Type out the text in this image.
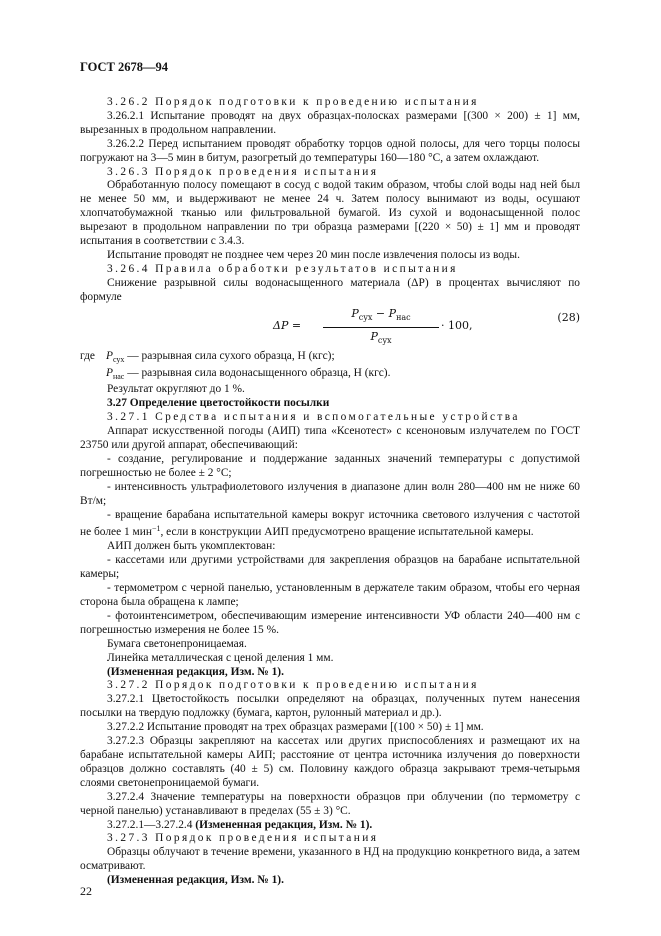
ГОСТ 2678—94

3.26.2 Порядок подготовки к проведению испытания

3.26.2.1 Испытание проводят на двух образцах-полосках размерами [(300 × 200) ± 1] мм, вырезанных в продольном направлении.

3.26.2.2 Перед испытанием проводят обработку торцов одной полосы, для чего торцы полосы погружают на 3—5 мин в битум, разогретый до температуры 160—180 °С, а затем охлаждают.

3.26.3 Порядок проведения испытания

Обработанную полосу помещают в сосуд с водой таким образом, чтобы слой воды над ней был не менее 50 мм, и выдерживают не менее 24 ч. Затем полосу вынимают из воды, осушают хлопчатобумажной тканью или фильтровальной бумагой. Из сухой и водонасыщенной полос вырезают в продольном направлении по три образца размерами [(220 × 50) ± 1] мм и проводят испытания в соответствии с 3.4.3.

Испытание проводят не позднее чем через 20 мин после извлечения полосы из воды.

3.26.4 Правила обработки результатов испытания

Снижение разрывной силы водонасыщенного материала (ΔP) в процентах вычисляют по формуле

ΔP =
$P_{сух} - P_{нас}$
$P_{сух}$
· 100,
(28)

где $P_{сух}$ — разрывная сила сухого образца, Н (кгс);

$P_{нас}$ — разрывная сила водонасыщенного образца, Н (кгс).

Результат округляют до 1 %.

3.27 Определение цветостойкости посылки

3.27.1 Средства испытания и вспомогательные устройства

Аппарат искусственной погоды (АИП) типа «Ксенотест» с ксеноновым излучателем по ГОСТ 23750 или другой аппарат, обеспечивающий:

- создание, регулирование и поддержание заданных значений температуры с допустимой погрешностью не более ± 2 °С;

- интенсивность ультрафиолетового излучения в диапазоне длин волн 280—400 нм не ниже 60 Вт/м;

- вращение барабана испытательной камеры вокруг источника светового излучения с частотой не более 1 мин$^{-1}$, если в конструкции АИП предусмотрено вращение испытательной камеры.

АИП должен быть укомплектован:

- кассетами или другими устройствами для закрепления образцов на барабане испытательной камеры;

- термометром с черной панелью, установленным в держателе таким образом, чтобы его черная сторона была обращена к лампе;

- фотоинтенсиметром, обеспечивающим измерение интенсивности УФ области 240—400 нм с погрешностью измерения не более 15 %.

Бумага светонепроницаемая.

Линейка металлическая с ценой деления 1 мм.

(Измененная редакция, Изм. № 1).

3.27.2 Порядок подготовки к проведению испытания

3.27.2.1 Цветостойкость посылки определяют на образцах, полученных путем нанесения посылки на твердую подложку (бумага, картон, рулонный материал и др.).

3.27.2.2 Испытание проводят на трех образцах размерами [(100 × 50) ± 1] мм.

3.27.2.3 Образцы закрепляют на кассетах или других приспособлениях и размещают их на барабане испытательной камеры АИП; расстояние от центра источника излучения до поверхности образцов должно составлять (40 ± 5) см. Половину каждого образца закрывают тремя-четырьмя слоями светонепроницаемой бумаги.

3.27.2.4 Значение температуры на поверхности образцов при облучении (по термометру с черной панелью) устанавливают в пределах (55 ± 3) °С.

3.27.2.1—3.27.2.4 (Измененная редакция, Изм. № 1).

3.27.3 Порядок проведения испытания

Образцы облучают в течение времени, указанного в НД на продукцию конкретного вида, а затем осматривают.

(Измененная редакция, Изм. № 1).

22
